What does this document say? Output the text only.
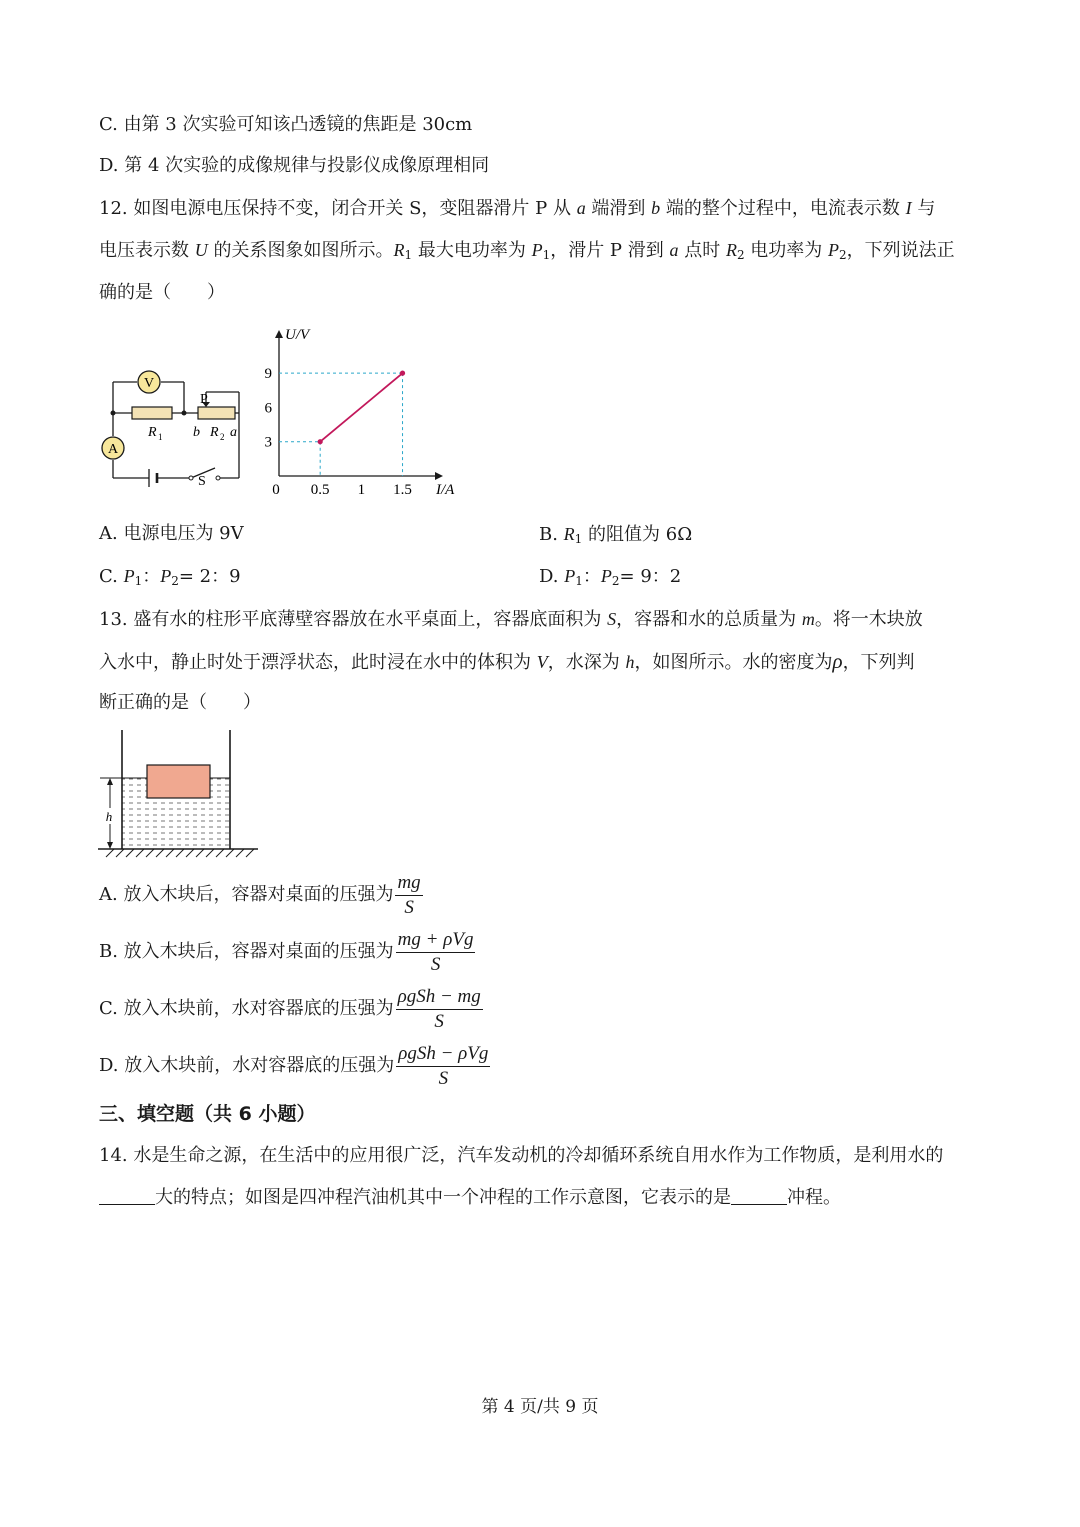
C. 由第 3 次实验可知该凸透镜的焦距是 30cm
D. 第 4 次实验的成像规律与投影仪成像原理相同
12. 如图电源电压保持不变，闭合开关 S，变阻器滑片 P 从 a 端滑到 b 端的整个过程中，电流表示数 I 与
电压表示数 U 的关系图象如图所示。$R_1$ 最大电功率为 $P_1$，滑片 P 滑到 a 点时 $R_2$ 电功率为 $P_2$，下列说法正
确的是（　　）
V
A
P
R 1 b R 2 a
S
0 0.5 1 1.5
3
6
9
U/V
I/A
A. 电源电压为 9V	B. $R_1$ 的阻值为 6Ω
C. $P_1$：$P_2= 2$：9	D. $P_1$：$P_2= 9$：2
13. 盛有水的柱形平底薄壁容器放在水平桌面上，容器底面积为 S，容器和水的总质量为 m。将一木块放
入水中，静止时处于漂浮状态，此时浸在水中的体积为 V，水深为 h，如图所示。水的密度为ρ，下列判
断正确的是（　　）
h
A. 放入木块后，容器对桌面的压强为 $\frac{mg}{S}$
B. 放入木块后，容器对桌面的压强为 $\frac{\text{mg + ρVg}}{S}$
C. 放入木块前，水对容器底的压强为 $\frac{\text{ρgSh − mg}}{S}$
D. 放入木块前，水对容器底的压强为 $\frac{\text{ρgSh − ρVg}}{S}$
三、填空题（共 6 小题）
14. 水是生命之源，在生活中的应用很广泛，汽车发动机的冷却循环系统自用水作为工作物质，是利用水的
大的特点；如图是四冲程汽油机其中一个冲程的工作示意图，它表示的是	冲程。
第 4 页/共 9 页
